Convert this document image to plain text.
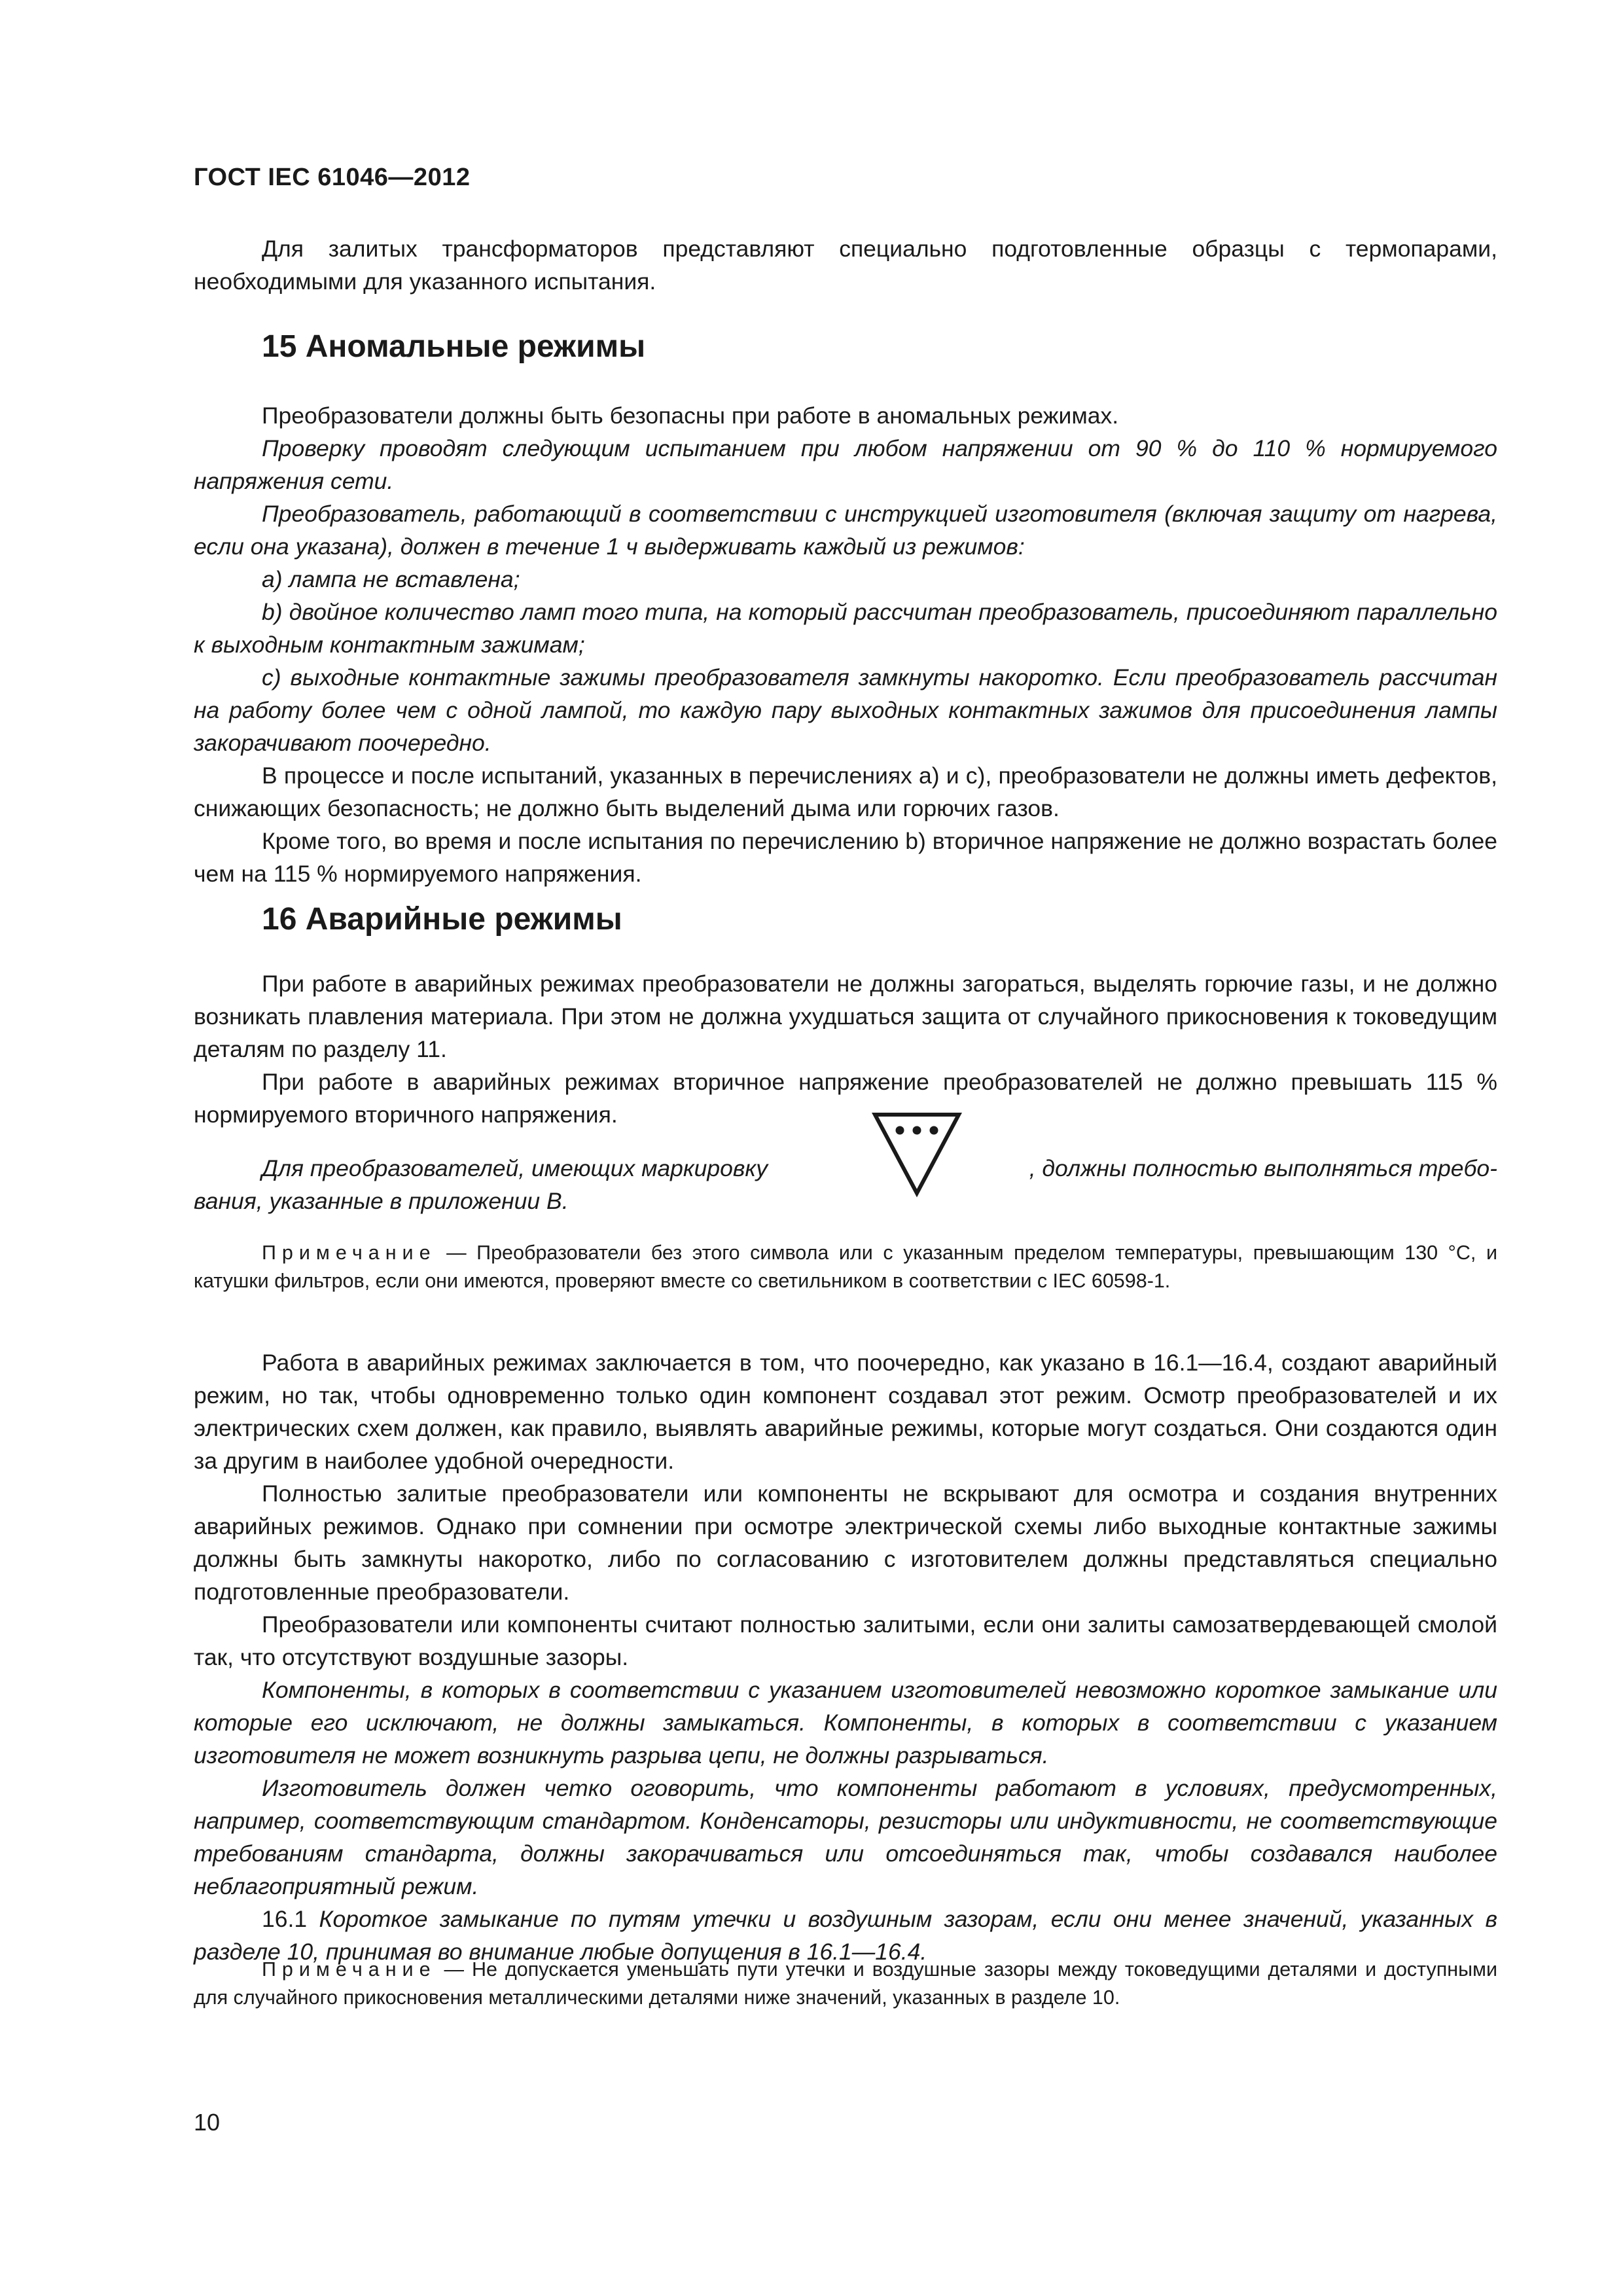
ГОСТ IEC 61046—2012

Для залитых трансформаторов представляют специально подготовленные образцы с термопарами, необходимыми для указанного испытания.

15 Аномальные режимы

Преобразователи должны быть безопасны при работе в аномальных режимах.

Проверку проводят следующим испытанием при любом напряжении от 90 % до 110 % нормируемого напряжения сети.

Преобразователь, работающий в соответствии с инструкцией изготовителя (включая защиту от нагрева, если она указана), должен в течение 1 ч выдерживать каждый из режимов:

a) лампа не вставлена;

b) двойное количество ламп того типа, на который рассчитан преобразователь, присоединяют параллельно к выходным контактным зажимам;

c) выходные контактные зажимы преобразователя замкнуты накоротко. Если преобразователь рассчитан на работу более чем с одной лампой, то каждую пару выходных контактных зажимов для присоединения лампы закорачивают поочередно.

В процессе и после испытаний, указанных в перечислениях a) и c), преобразователи не должны иметь дефектов, снижающих безопасность; не должно быть выделений дыма или горючих газов.

Кроме того, во время и после испытания по перечислению b) вторичное напряжение не должно возрастать более чем на 115 % нормируемого напряжения.

16 Аварийные режимы

При работе в аварийных режимах преобразователи не должны загораться, выделять горючие газы, и не должно возникать плавления материала. При этом не должна ухудшаться защита от случайного прикосновения к токоведущим деталям по разделу 11.

При работе в аварийных режимах вторичное напряжение преобразователей не должно превышать 115 % нормируемого вторичного напряжения.

Для преобразователей, имеющих маркировку	, должны полностью выполняться требо-

вания, указанные в приложении В.

Примечание — Преобразователи без этого символа или с указанным пределом температуры, превышающим 130 °С, и катушки фильтров, если они имеются, проверяют вместе со светильником в соответствии с IEC 60598-1.

Работа в аварийных режимах заключается в том, что поочередно, как указано в 16.1—16.4, создают аварийный режим, но так, чтобы одновременно только один компонент создавал этот режим. Осмотр преобразователей и их электрических схем должен, как правило, выявлять аварийные режимы, которые могут создаться. Они создаются один за другим в наиболее удобной очередности.

Полностью залитые преобразователи или компоненты не вскрывают для осмотра и создания внутренних аварийных режимов. Однако при сомнении при осмотре электрической схемы либо выходные контактные зажимы должны быть замкнуты накоротко, либо по согласованию с изготовителем должны представляться специально подготовленные преобразователи.

Преобразователи или компоненты считают полностью залитыми, если они залиты самозатвердевающей смолой так, что отсутствуют воздушные зазоры.

Компоненты, в которых в соответствии с указанием изготовителей невозможно короткое замыкание или которые его исключают, не должны замыкаться. Компоненты, в которых в соответствии с указанием изготовителя не может возникнуть разрыва цепи, не должны разрываться.

Изготовитель должен четко оговорить, что компоненты работают в условиях, предусмотренных, например, соответствующим стандартом. Конденсаторы, резисторы или индуктивности, не соответствующие требованиям стандарта, должны закорачиваться или отсоединяться так, чтобы создавался наиболее неблагоприятный режим.

16.1 Короткое замыкание по путям утечки и воздушным зазорам, если они менее значений, указанных в разделе 10, принимая во внимание любые допущения в 16.1—16.4.

Примечание — Не допускается уменьшать пути утечки и воздушные зазоры между токоведущими деталями и доступными для случайного прикосновения металлическими деталями ниже значений, указанных в разделе 10.

10
